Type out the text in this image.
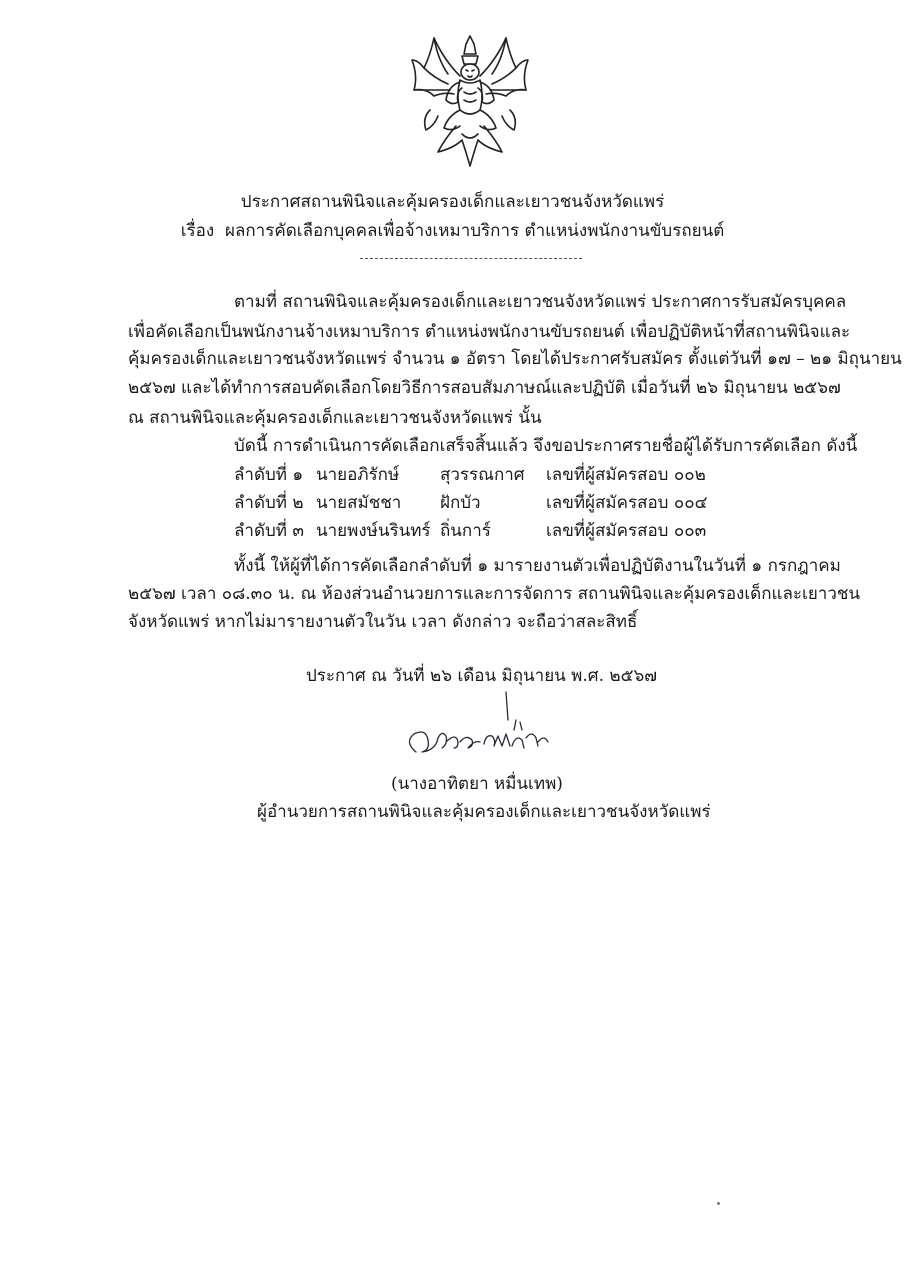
ประกาศสถานพินิจและคุ้มครองเด็กและเยาวชนจังหวัดแพร่
เรื่อง ผลการคัดเลือกบุคคลเพื่อจ้างเหมาบริการ ตำแหน่งพนักงานขับรถยนต์
ตามที่ สถานพินิจและคุ้มครองเด็กและเยาวชนจังหวัดแพร่ ประกาศการรับสมัครบุคคล
เพื่อคัดเลือกเป็นพนักงานจ้างเหมาบริการ ตำแหน่งพนักงานขับรถยนต์ เพื่อปฏิบัติหน้าที่สถานพินิจและ
คุ้มครองเด็กและเยาวชนจังหวัดแพร่ จำนวน ๑ อัตรา โดยได้ประกาศรับสมัคร ตั้งแต่วันที่ ๑๗ – ๒๑ มิถุนายน
๒๕๖๗ และได้ทำการสอบคัดเลือกโดยวิธีการสอบสัมภาษณ์และปฏิบัติ เมื่อวันที่ ๒๖ มิถุนายน ๒๕๖๗
ณ สถานพินิจและคุ้มครองเด็กและเยาวชนจังหวัดแพร่ นั้น
บัดนี้ การดำเนินการคัดเลือกเสร็จสิ้นแล้ว จึงขอประกาศรายชื่อผู้ได้รับการคัดเลือก ดังนี้
ลำดับที่ ๑ นายอภิรักษ์ สุวรรณกาศ เลขที่ผู้สมัครสอบ ๐๐๒
ลำดับที่ ๒ นายสมัชชา ฝักบัว	เลขที่ผู้สมัครสอบ ๐๐๔
ลำดับที่ ๓ นายพงษ์นรินทร์ ถิ่นการ์	เลขที่ผู้สมัครสอบ ๐๐๓
ทั้งนี้ ให้ผู้ที่ได้การคัดเลือกลำดับที่ ๑ มารายงานตัวเพื่อปฏิบัติงานในวันที่ ๑ กรกฎาคม
๒๕๖๗ เวลา ๐๘.๓๐ น. ณ ห้องส่วนอำนวยการและการจัดการ สถานพินิจและคุ้มครองเด็กและเยาวชน
จังหวัดแพร่ หากไม่มารายงานตัวในวัน เวลา ดังกล่าว จะถือว่าสละสิทธิ์
ประกาศ ณ วันที่ ๒๖ เดือน มิถุนายน พ.ศ. ๒๕๖๗
อาทิตยา หมื่นเทพ
(นางอาทิตยา หมื่นเทพ)
ผู้อำนวยการสถานพินิจและคุ้มครองเด็กและเยาวชนจังหวัดแพร่
